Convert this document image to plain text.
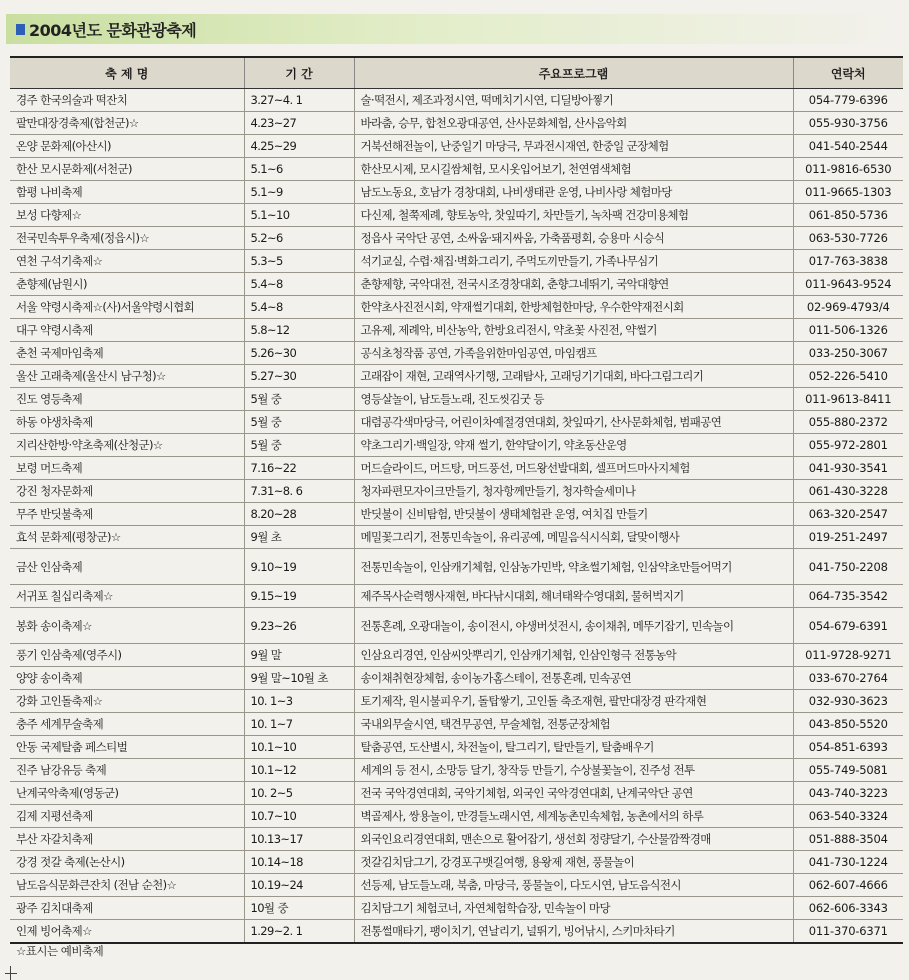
2004년도 문화관광축제
축 제 명	기 간	주요프로그램	연락처
경주 한국의술과 떡잔치	3.27~4. 1	술·떡전시, 제조과정시연, 떡메치기시연, 디딜방아찧기	054-779-6396
팔만대장경축제(합천군)☆	4.23~27	바라춤, 승무, 합천오광대공연, 산사문화체험, 산사음악회	055-930-3756
온양 문화제(아산시)	4.25~29	거북선해전놀이, 난중일기 마당극, 무과전시재연, 한중일 군장체험	041-540-2544
한산 모시문화제(서천군)	5.1~6	한산모시제, 모시길쌈체험, 모시옷입어보기, 천연염색체험	011-9816-6530
함평 나비축제	5.1~9	남도노동요, 호남가 경창대회, 나비생태관 운영, 나비사랑 체험마당	011-9665-1303
보성 다향제☆	5.1~10	다신제, 철쭉제례, 향토농악, 찻잎따기, 차만들기, 녹차팩 건강미용체험	061-850-5736
전국민속투우축제(정읍시)☆	5.2~6	정읍사 국악단 공연, 소싸움·돼지싸움, 가축품평회, 승용마 시승식	063-530-7726
연천 구석기축제☆	5.3~5	석기교실, 수렵·채집·벽화그리기, 주먹도끼만들기, 가족나무심기	017-763-3838
춘향제(남원시)	5.4~8	춘향제향, 국악대전, 전국시조경창대회, 춘향그네뛰기, 국악대향연	011-9643-9524
서울 약령시축제☆(사)서울약령시협회	5.4~8	한약초사진전시회, 약재썰기대회, 한방체험한마당, 우수한약재전시회	02-969-4793/4
대구 약령시축제	5.8~12	고유제, 제례악, 비산농악, 한방요리전시, 약초꽃 사진전, 약썰기	011-506-1326
춘천 국제마임축제	5.26~30	공식초청작품 공연, 가족을위한마임공연, 마임캠프	033-250-3067
울산 고래축제(울산시 남구청)☆	5.27~30	고래잡이 재현, 고래역사기행, 고래탐사, 고래딩기기대회, 바다그림그리기	052-226-5410
진도 영등축제	5월 중	영등살놀이, 남도들노래, 진도씻김굿 등	011-9613-8411
하동 야생차축제	5월 중	대렴공각색마당극, 어린이차예절경연대회, 찻잎따기, 산사문화체험, 범패공연	055-880-2372
지리산한방·약초축제(산청군)☆	5월 중	약초그리기·백일장, 약재 썰기, 한약달이기, 약초동산운영	055-972-2801
보령 머드축제	7.16~22	머드슬라이드, 머드탕, 머드풍선, 머드왕선발대회, 셀프머드마사지체험	041-930-3541
강진 청자문화제	7.31~8. 6	청자파편모자이크만들기, 청자항께만들기, 청자학술세미나	061-430-3228
무주 반딧불축제	8.20~28	반딧불이 신비탐험, 반딧불이 생태체험관 운영, 여치집 만들기	063-320-2547
효석 문화제(평창군)☆	9월 초	메밀꽃그리기, 전통민속놀이, 유리공예, 메밀음식시식회, 달맞이행사	019-251-2497
금산 인삼축제	9.10~19	전통민속놀이, 인삼캐기체험, 인삼농가민박, 약초썰기체험, 인삼약초만들어먹기	041-750-2208
서귀포 칠십리축제☆	9.15~19	제주목사순력행사재현, 바다낚시대회, 해녀태왁수영대회, 물허벅지기	064-735-3542
봉화 송이축제☆	9.23~26	전통혼례, 오광대놀이, 송이전시, 야생버섯전시, 송이채취, 메뚜기잡기, 민속놀이	054-679-6391
풍기 인삼축제(영주시)	9월 말	인삼요리경연, 인삼씨앗뿌리기, 인삼캐기체험, 인삼인형극 전통농악	011-9728-9271
양양 송이축제	9월 말~10월 초	송이채취현장체험, 송이농가홈스테이, 전통혼례, 민속공연	033-670-2764
강화 고인돌축제☆	10. 1~3	토기제작, 원시불피우기, 돌탑쌓기, 고인돌 축조재현, 팔만대장경 판각재현	032-930-3623
충주 세계무술축제	10. 1~7	국내외무술시연, 택견무공연, 무술체험, 전통군장체험	043-850-5520
안동 국제탈춤 페스티벌	10.1~10	탈춤공연, 도산별시, 차전놀이, 탈그리기, 탈만들기, 탈춤배우기	054-851-6393
진주 남강유등 축제	10.1~12	세계의 등 전시, 소망등 달기, 창작등 만들기, 수상불꽃놀이, 진주성 전투	055-749-5081
난계국악축제(영동군)	10. 2~5	전국 국악경연대회, 국악기체험, 외국인 국악경연대회, 난계국악단 공연	043-740-3223
김제 지평선축제	10.7~10	벽골제사, 쌍용놀이, 만경들노래시연, 세계농촌민속체험, 농촌에서의 하루	063-540-3324
부산 자갈치축제	10.13~17	외국인요리경연대회, 맨손으로 활어잡기, 생선회 정량달기, 수산물깜짝경매	051-888-3504
강경 젓갈 축제(논산시)	10.14~18	젓갈김치담그기, 강경포구뱃길여행, 용왕제 재현, 풍물놀이	041-730-1224
남도음식문화큰잔치 (전남 순천)☆	10.19~24	선등제, 남도들노래, 북춤, 마당극, 풍물놀이, 다도시연, 남도음식전시	062-607-4666
광주 김치대축제	10월 중	김치담그기 체험코너, 자연체험학습장, 민속놀이 마당	062-606-3343
인제 빙어축제☆	1.29~2. 1	전통썰매타기, 팽이치기, 연날리기, 널뛰기, 빙어낚시, 스키마차타기	011-370-6371
☆표시는 예비축제
